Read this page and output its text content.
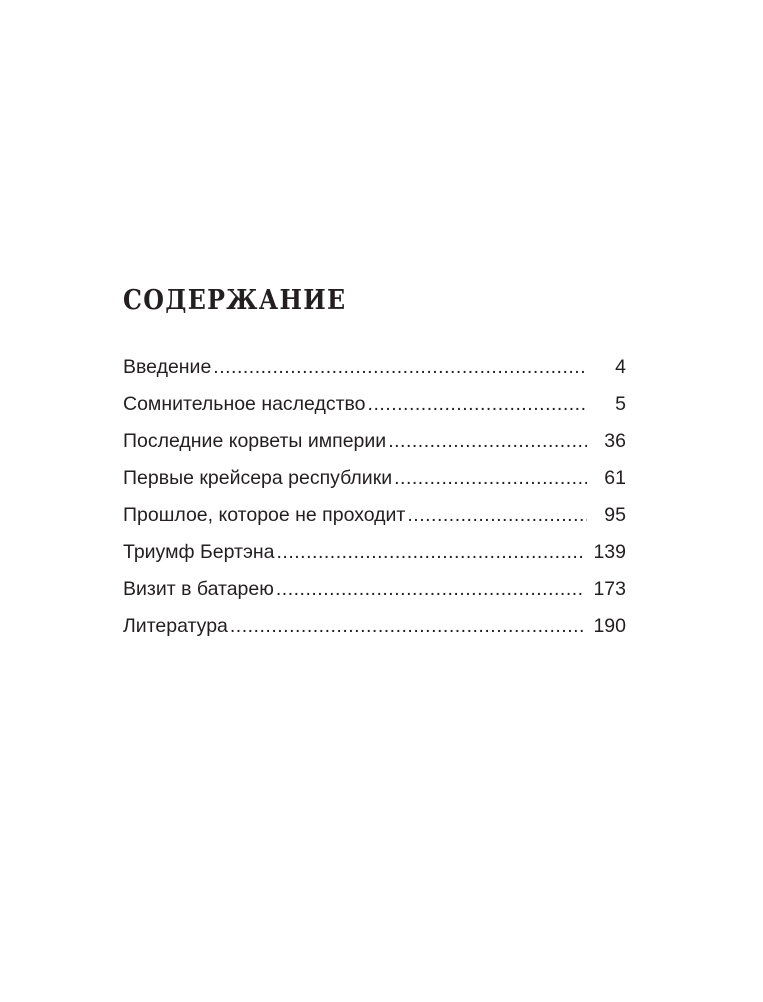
СОДЕРЖАНИЕ
Введение .....	4
Сомнительное наследство .....	5
Последние корветы империи .....	36
Первые крейсера республики .....	61
Прошлое, которое не проходит .....	95
Триумф Бертэна .....	139
Визит в батарею .....	173
Литература .....	190
